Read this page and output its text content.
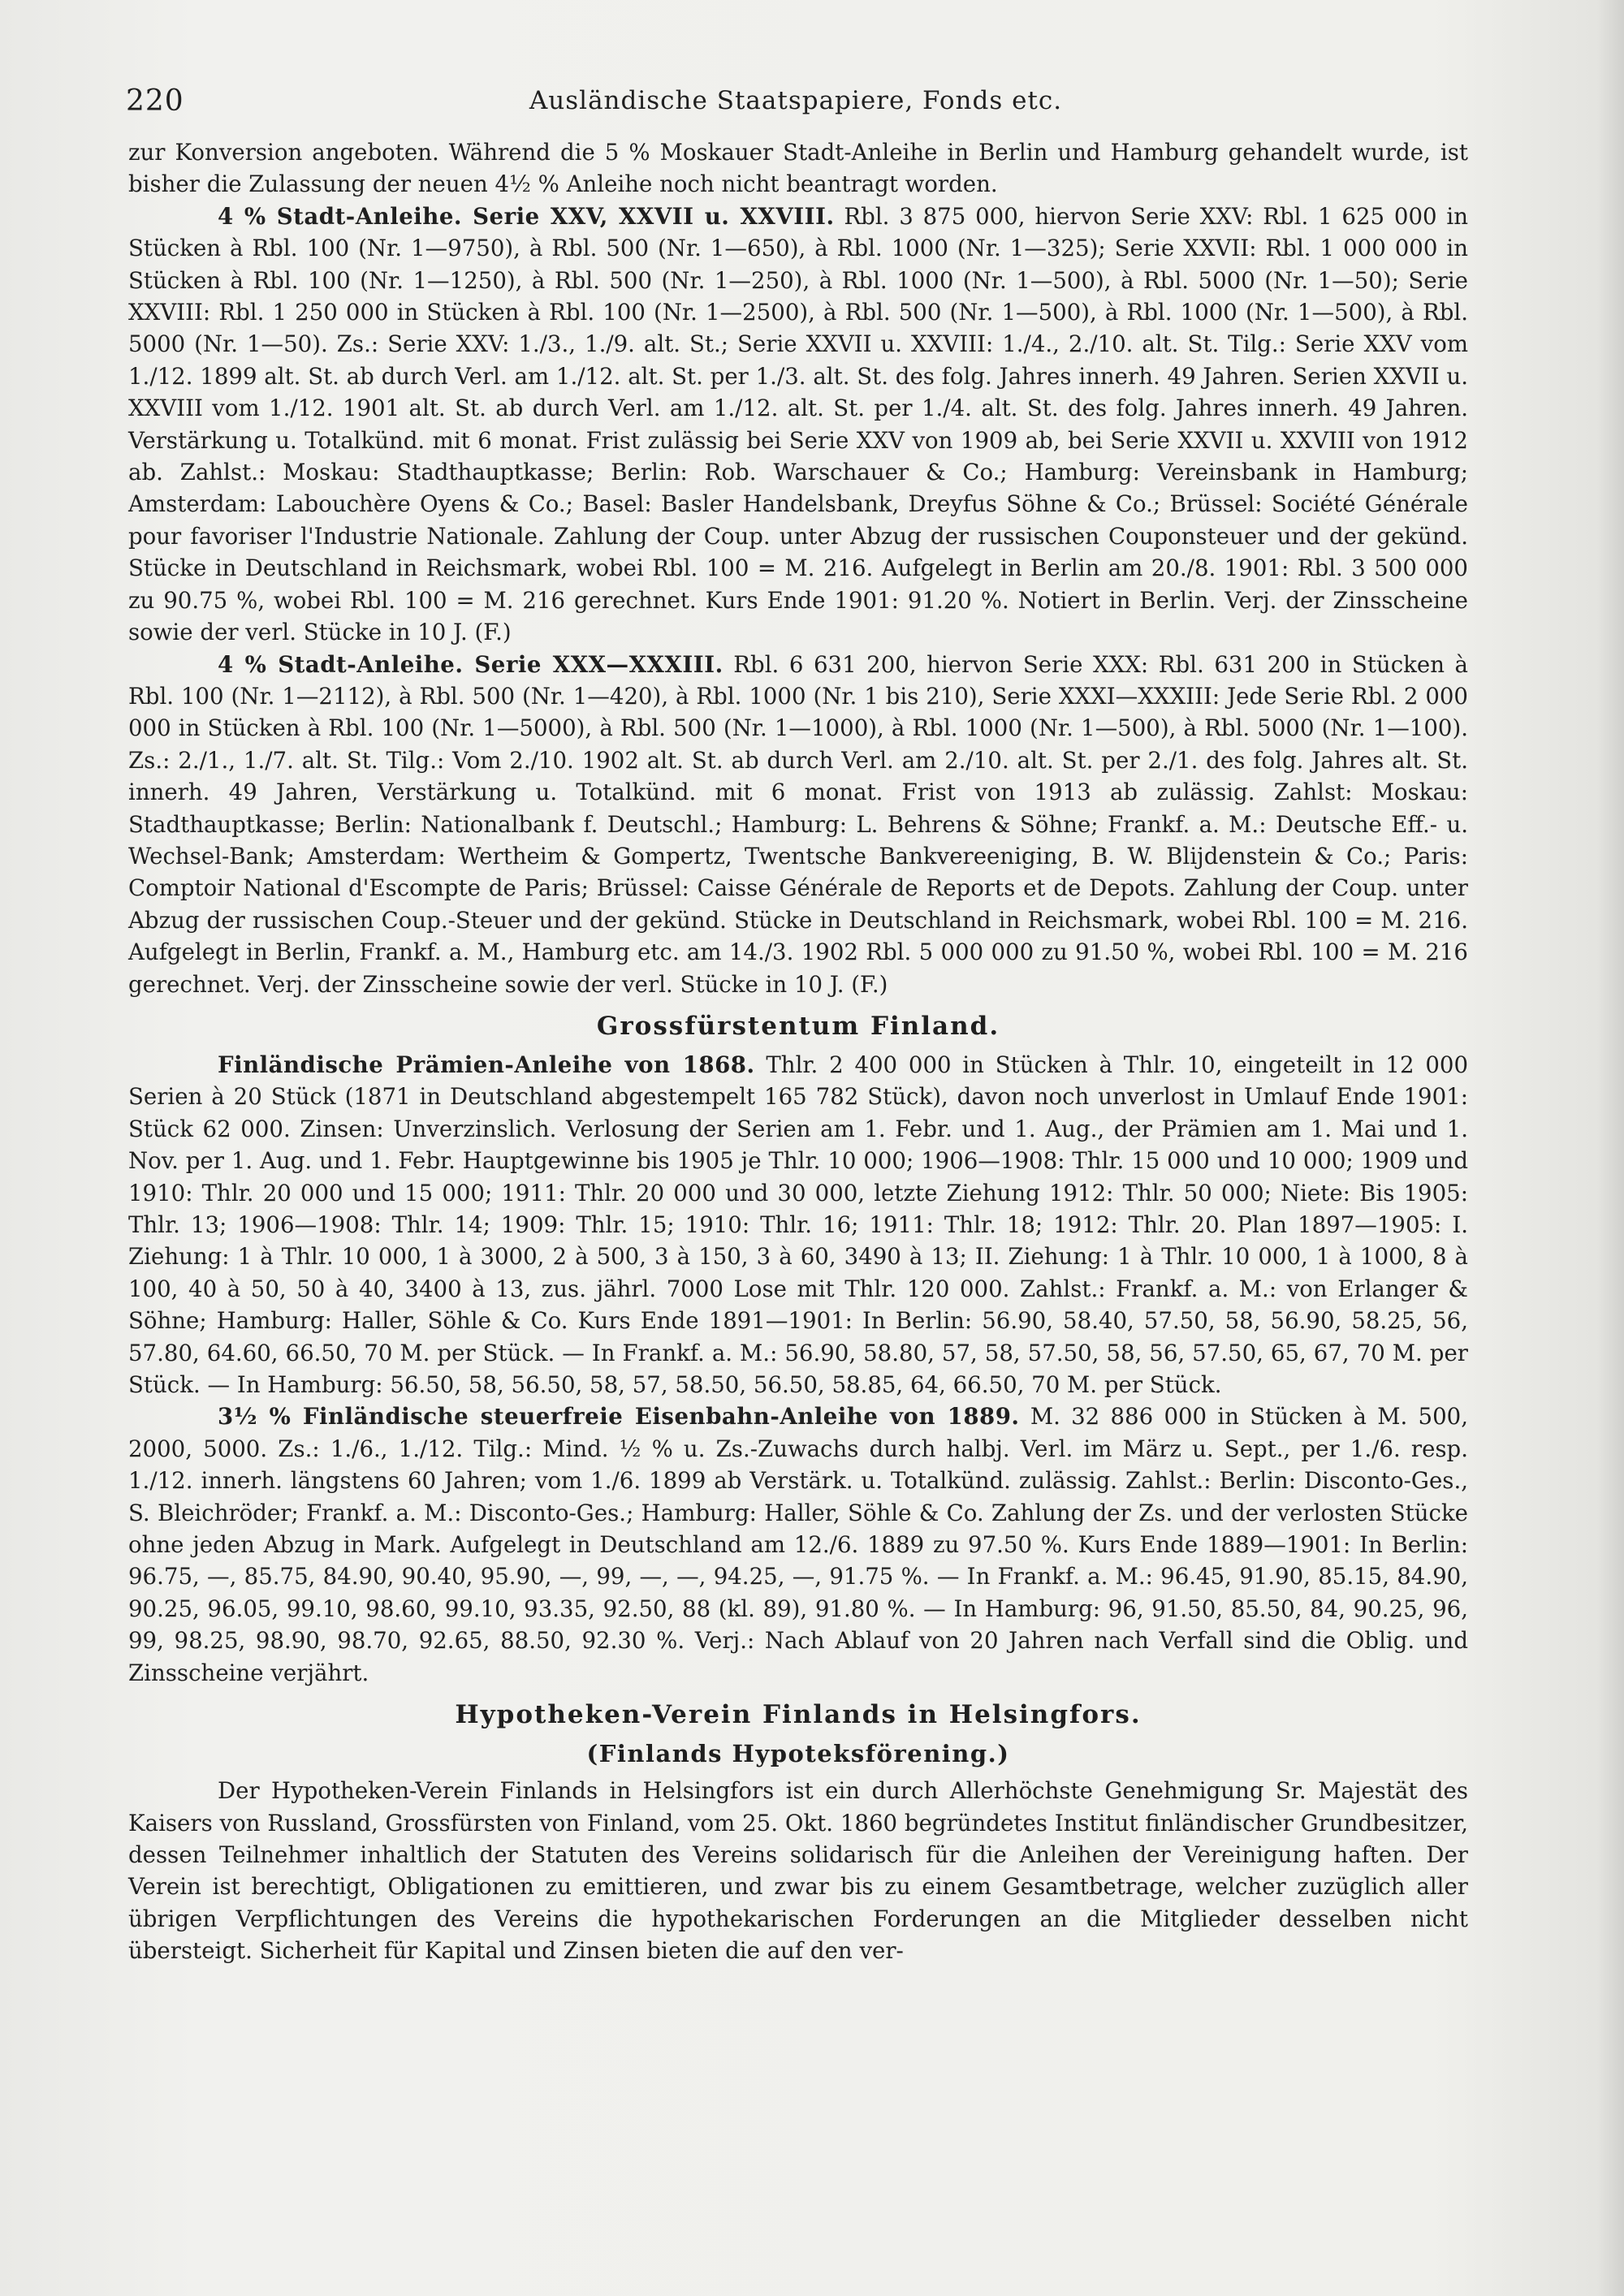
220	Ausländische Staatspapiere, Fonds etc.

zur Konversion angeboten. Während die 5 % Moskauer Stadt-Anleihe in Berlin und Hamburg gehandelt wurde, ist bisher die Zulassung der neuen 4½ % Anleihe noch nicht beantragt worden.

4 % Stadt-Anleihe. Serie XXV, XXVII u. XXVIII. Rbl. 3 875 000, hiervon Serie XXV: Rbl. 1 625 000 in Stücken à Rbl. 100 (Nr. 1—9750), à Rbl. 500 (Nr. 1—650), à Rbl. 1000 (Nr. 1—325); Serie XXVII: Rbl. 1 000 000 in Stücken à Rbl. 100 (Nr. 1—1250), à Rbl. 500 (Nr. 1—250), à Rbl. 1000 (Nr. 1—500), à Rbl. 5000 (Nr. 1—50); Serie XXVIII: Rbl. 1 250 000 in Stücken à Rbl. 100 (Nr. 1—2500), à Rbl. 500 (Nr. 1—500), à Rbl. 1000 (Nr. 1—500), à Rbl. 5000 (Nr. 1—50). Zs.: Serie XXV: 1./3., 1./9. alt. St.; Serie XXVII u. XXVIII: 1./4., 2./10. alt. St. Tilg.: Serie XXV vom 1./12. 1899 alt. St. ab durch Verl. am 1./12. alt. St. per 1./3. alt. St. des folg. Jahres innerh. 49 Jahren. Serien XXVII u. XXVIII vom 1./12. 1901 alt. St. ab durch Verl. am 1./12. alt. St. per 1./4. alt. St. des folg. Jahres innerh. 49 Jahren. Verstärkung u. Totalkünd. mit 6 monat. Frist zulässig bei Serie XXV von 1909 ab, bei Serie XXVII u. XXVIII von 1912 ab. Zahlst.: Moskau: Stadthauptkasse; Berlin: Rob. Warschauer & Co.; Hamburg: Vereinsbank in Hamburg; Amsterdam: Labouchère Oyens & Co.; Basel: Basler Handelsbank, Dreyfus Söhne & Co.; Brüssel: Société Générale pour favoriser l'Industrie Nationale. Zahlung der Coup. unter Abzug der russischen Couponsteuer und der gekünd. Stücke in Deutschland in Reichsmark, wobei Rbl. 100 = M. 216. Aufgelegt in Berlin am 20./8. 1901: Rbl. 3 500 000 zu 90.75 %, wobei Rbl. 100 = M. 216 gerechnet. Kurs Ende 1901: 91.20 %. Notiert in Berlin. Verj. der Zinsscheine sowie der verl. Stücke in 10 J. (F.)

4 % Stadt-Anleihe. Serie XXX—XXXIII. Rbl. 6 631 200, hiervon Serie XXX: Rbl. 631 200 in Stücken à Rbl. 100 (Nr. 1—2112), à Rbl. 500 (Nr. 1—420), à Rbl. 1000 (Nr. 1 bis 210), Serie XXXI—XXXIII: Jede Serie Rbl. 2 000 000 in Stücken à Rbl. 100 (Nr. 1—5000), à Rbl. 500 (Nr. 1—1000), à Rbl. 1000 (Nr. 1—500), à Rbl. 5000 (Nr. 1—100). Zs.: 2./1., 1./7. alt. St. Tilg.: Vom 2./10. 1902 alt. St. ab durch Verl. am 2./10. alt. St. per 2./1. des folg. Jahres alt. St. innerh. 49 Jahren, Verstärkung u. Totalkünd. mit 6 monat. Frist von 1913 ab zulässig. Zahlst: Moskau: Stadthauptkasse; Berlin: Nationalbank f. Deutschl.; Hamburg: L. Behrens & Söhne; Frankf. a. M.: Deutsche Eff.- u. Wechsel-Bank; Amsterdam: Wertheim & Gompertz, Twentsche Bankvereeniging, B. W. Blijdenstein & Co.; Paris: Comptoir National d'Escompte de Paris; Brüssel: Caisse Générale de Reports et de Depots. Zahlung der Coup. unter Abzug der russischen Coup.-Steuer und der gekünd. Stücke in Deutschland in Reichsmark, wobei Rbl. 100 = M. 216. Aufgelegt in Berlin, Frankf. a. M., Hamburg etc. am 14./3. 1902 Rbl. 5 000 000 zu 91.50 %, wobei Rbl. 100 = M. 216 gerechnet. Verj. der Zinsscheine sowie der verl. Stücke in 10 J. (F.)

Grossfürstentum Finland.

Finländische Prämien-Anleihe von 1868. Thlr. 2 400 000 in Stücken à Thlr. 10, eingeteilt in 12 000 Serien à 20 Stück (1871 in Deutschland abgestempelt 165 782 Stück), davon noch unverlost in Umlauf Ende 1901: Stück 62 000. Zinsen: Unverzinslich. Verlosung der Serien am 1. Febr. und 1. Aug., der Prämien am 1. Mai und 1. Nov. per 1. Aug. und 1. Febr. Hauptgewinne bis 1905 je Thlr. 10 000; 1906—1908: Thlr. 15 000 und 10 000; 1909 und 1910: Thlr. 20 000 und 15 000; 1911: Thlr. 20 000 und 30 000, letzte Ziehung 1912: Thlr. 50 000; Niete: Bis 1905: Thlr. 13; 1906—1908: Thlr. 14; 1909: Thlr. 15; 1910: Thlr. 16; 1911: Thlr. 18; 1912: Thlr. 20. Plan 1897—1905: I. Ziehung: 1 à Thlr. 10 000, 1 à 3000, 2 à 500, 3 à 150, 3 à 60, 3490 à 13; II. Ziehung: 1 à Thlr. 10 000, 1 à 1000, 8 à 100, 40 à 50, 50 à 40, 3400 à 13, zus. jährl. 7000 Lose mit Thlr. 120 000. Zahlst.: Frankf. a. M.: von Erlanger & Söhne; Hamburg: Haller, Söhle & Co. Kurs Ende 1891—1901: In Berlin: 56.90, 58.40, 57.50, 58, 56.90, 58.25, 56, 57.80, 64.60, 66.50, 70 M. per Stück. — In Frankf. a. M.: 56.90, 58.80, 57, 58, 57.50, 58, 56, 57.50, 65, 67, 70 M. per Stück. — In Hamburg: 56.50, 58, 56.50, 58, 57, 58.50, 56.50, 58.85, 64, 66.50, 70 M. per Stück.

3½ % Finländische steuerfreie Eisenbahn-Anleihe von 1889. M. 32 886 000 in Stücken à M. 500, 2000, 5000. Zs.: 1./6., 1./12. Tilg.: Mind. ½ % u. Zs.-Zuwachs durch halbj. Verl. im März u. Sept., per 1./6. resp. 1./12. innerh. längstens 60 Jahren; vom 1./6. 1899 ab Verstärk. u. Totalkünd. zulässig. Zahlst.: Berlin: Disconto-Ges., S. Bleichröder; Frankf. a. M.: Disconto-Ges.; Hamburg: Haller, Söhle & Co. Zahlung der Zs. und der verlosten Stücke ohne jeden Abzug in Mark. Aufgelegt in Deutschland am 12./6. 1889 zu 97.50 %. Kurs Ende 1889—1901: In Berlin: 96.75, —, 85.75, 84.90, 90.40, 95.90, —, 99, —, —, 94.25, —, 91.75 %. — In Frankf. a. M.: 96.45, 91.90, 85.15, 84.90, 90.25, 96.05, 99.10, 98.60, 99.10, 93.35, 92.50, 88 (kl. 89), 91.80 %. — In Hamburg: 96, 91.50, 85.50, 84, 90.25, 96, 99, 98.25, 98.90, 98.70, 92.65, 88.50, 92.30 %. Verj.: Nach Ablauf von 20 Jahren nach Verfall sind die Oblig. und Zinsscheine verjährt.

Hypotheken-Verein Finlands in Helsingfors.
(Finlands Hypoteksförening.)

Der Hypotheken-Verein Finlands in Helsingfors ist ein durch Allerhöchste Genehmigung Sr. Majestät des Kaisers von Russland, Grossfürsten von Finland, vom 25. Okt. 1860 begründetes Institut finländischer Grundbesitzer, dessen Teilnehmer inhaltlich der Statuten des Vereins solidarisch für die Anleihen der Vereinigung haften. Der Verein ist berechtigt, Obligationen zu emittieren, und zwar bis zu einem Gesamtbetrage, welcher zuzüglich aller übrigen Verpflichtungen des Vereins die hypothekarischen Forderungen an die Mitglieder desselben nicht übersteigt. Sicherheit für Kapital und Zinsen bieten die auf den ver-
